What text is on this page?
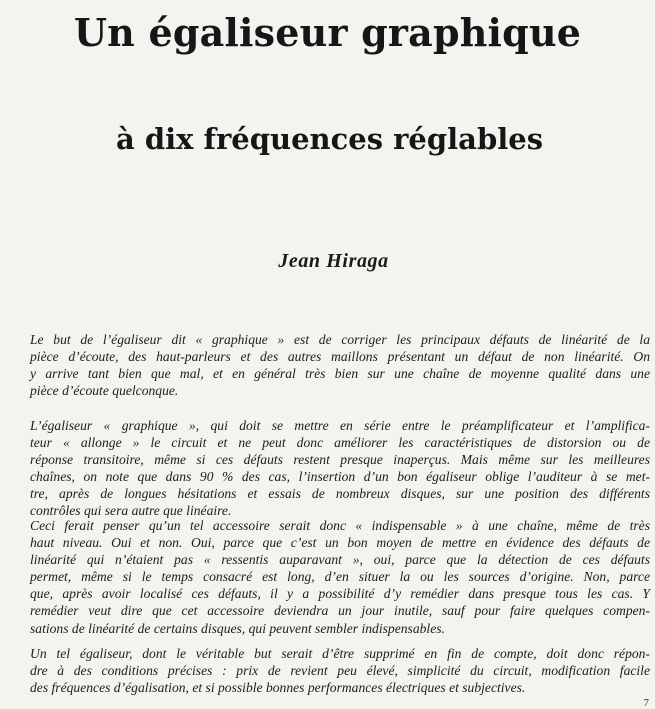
Un égaliseur graphique
à dix fréquences réglables
Jean Hiraga
Le but de l’égaliseur dit « graphique » est de corriger les principaux défauts de linéarité de la
pièce d’écoute, des haut-parleurs et des autres maillons présentant un défaut de non linéarité. On
y arrive tant bien que mal, et en général très bien sur une chaîne de moyenne qualité dans une
pièce d’écoute quelconque.
L’égaliseur « graphique », qui doit se mettre en série entre le préamplificateur et l’amplifica-
teur « allonge » le circuit et ne peut donc améliorer les caractéristiques de distorsion ou de
réponse transitoire, même si ces défauts restent presque inaperçus. Mais même sur les meilleures
chaînes, on note que dans 90 % des cas, l’insertion d’un bon égaliseur oblige l’auditeur à se met-
tre, après de longues hésitations et essais de nombreux disques, sur une position des différents
contrôles qui sera autre que linéaire.
Ceci ferait penser qu’un tel accessoire serait donc « indispensable » à une chaîne, même de très
haut niveau. Oui et non. Oui, parce que c’est un bon moyen de mettre en évidence des défauts de
linéarité qui n’étaient pas « ressentis auparavant », oui, parce que la détection de ces défauts
permet, même si le temps consacré est long, d’en situer la ou les sources d’origine. Non, parce
que, après avoir localisé ces défauts, il y a possibilité d’y remédier dans presque tous les cas. Y
remédier veut dire que cet accessoire deviendra un jour inutile, sauf pour faire quelques compen-
sations de linéarité de certains disques, qui peuvent sembler indispensables.
Un tel égaliseur, dont le véritable but serait d’être supprimé en fin de compte, doit donc répon-
dre à des conditions précises : prix de revient peu élevé, simplicité du circuit, modification facile
des fréquences d’égalisation, et si possible bonnes performances électriques et subjectives.
7
